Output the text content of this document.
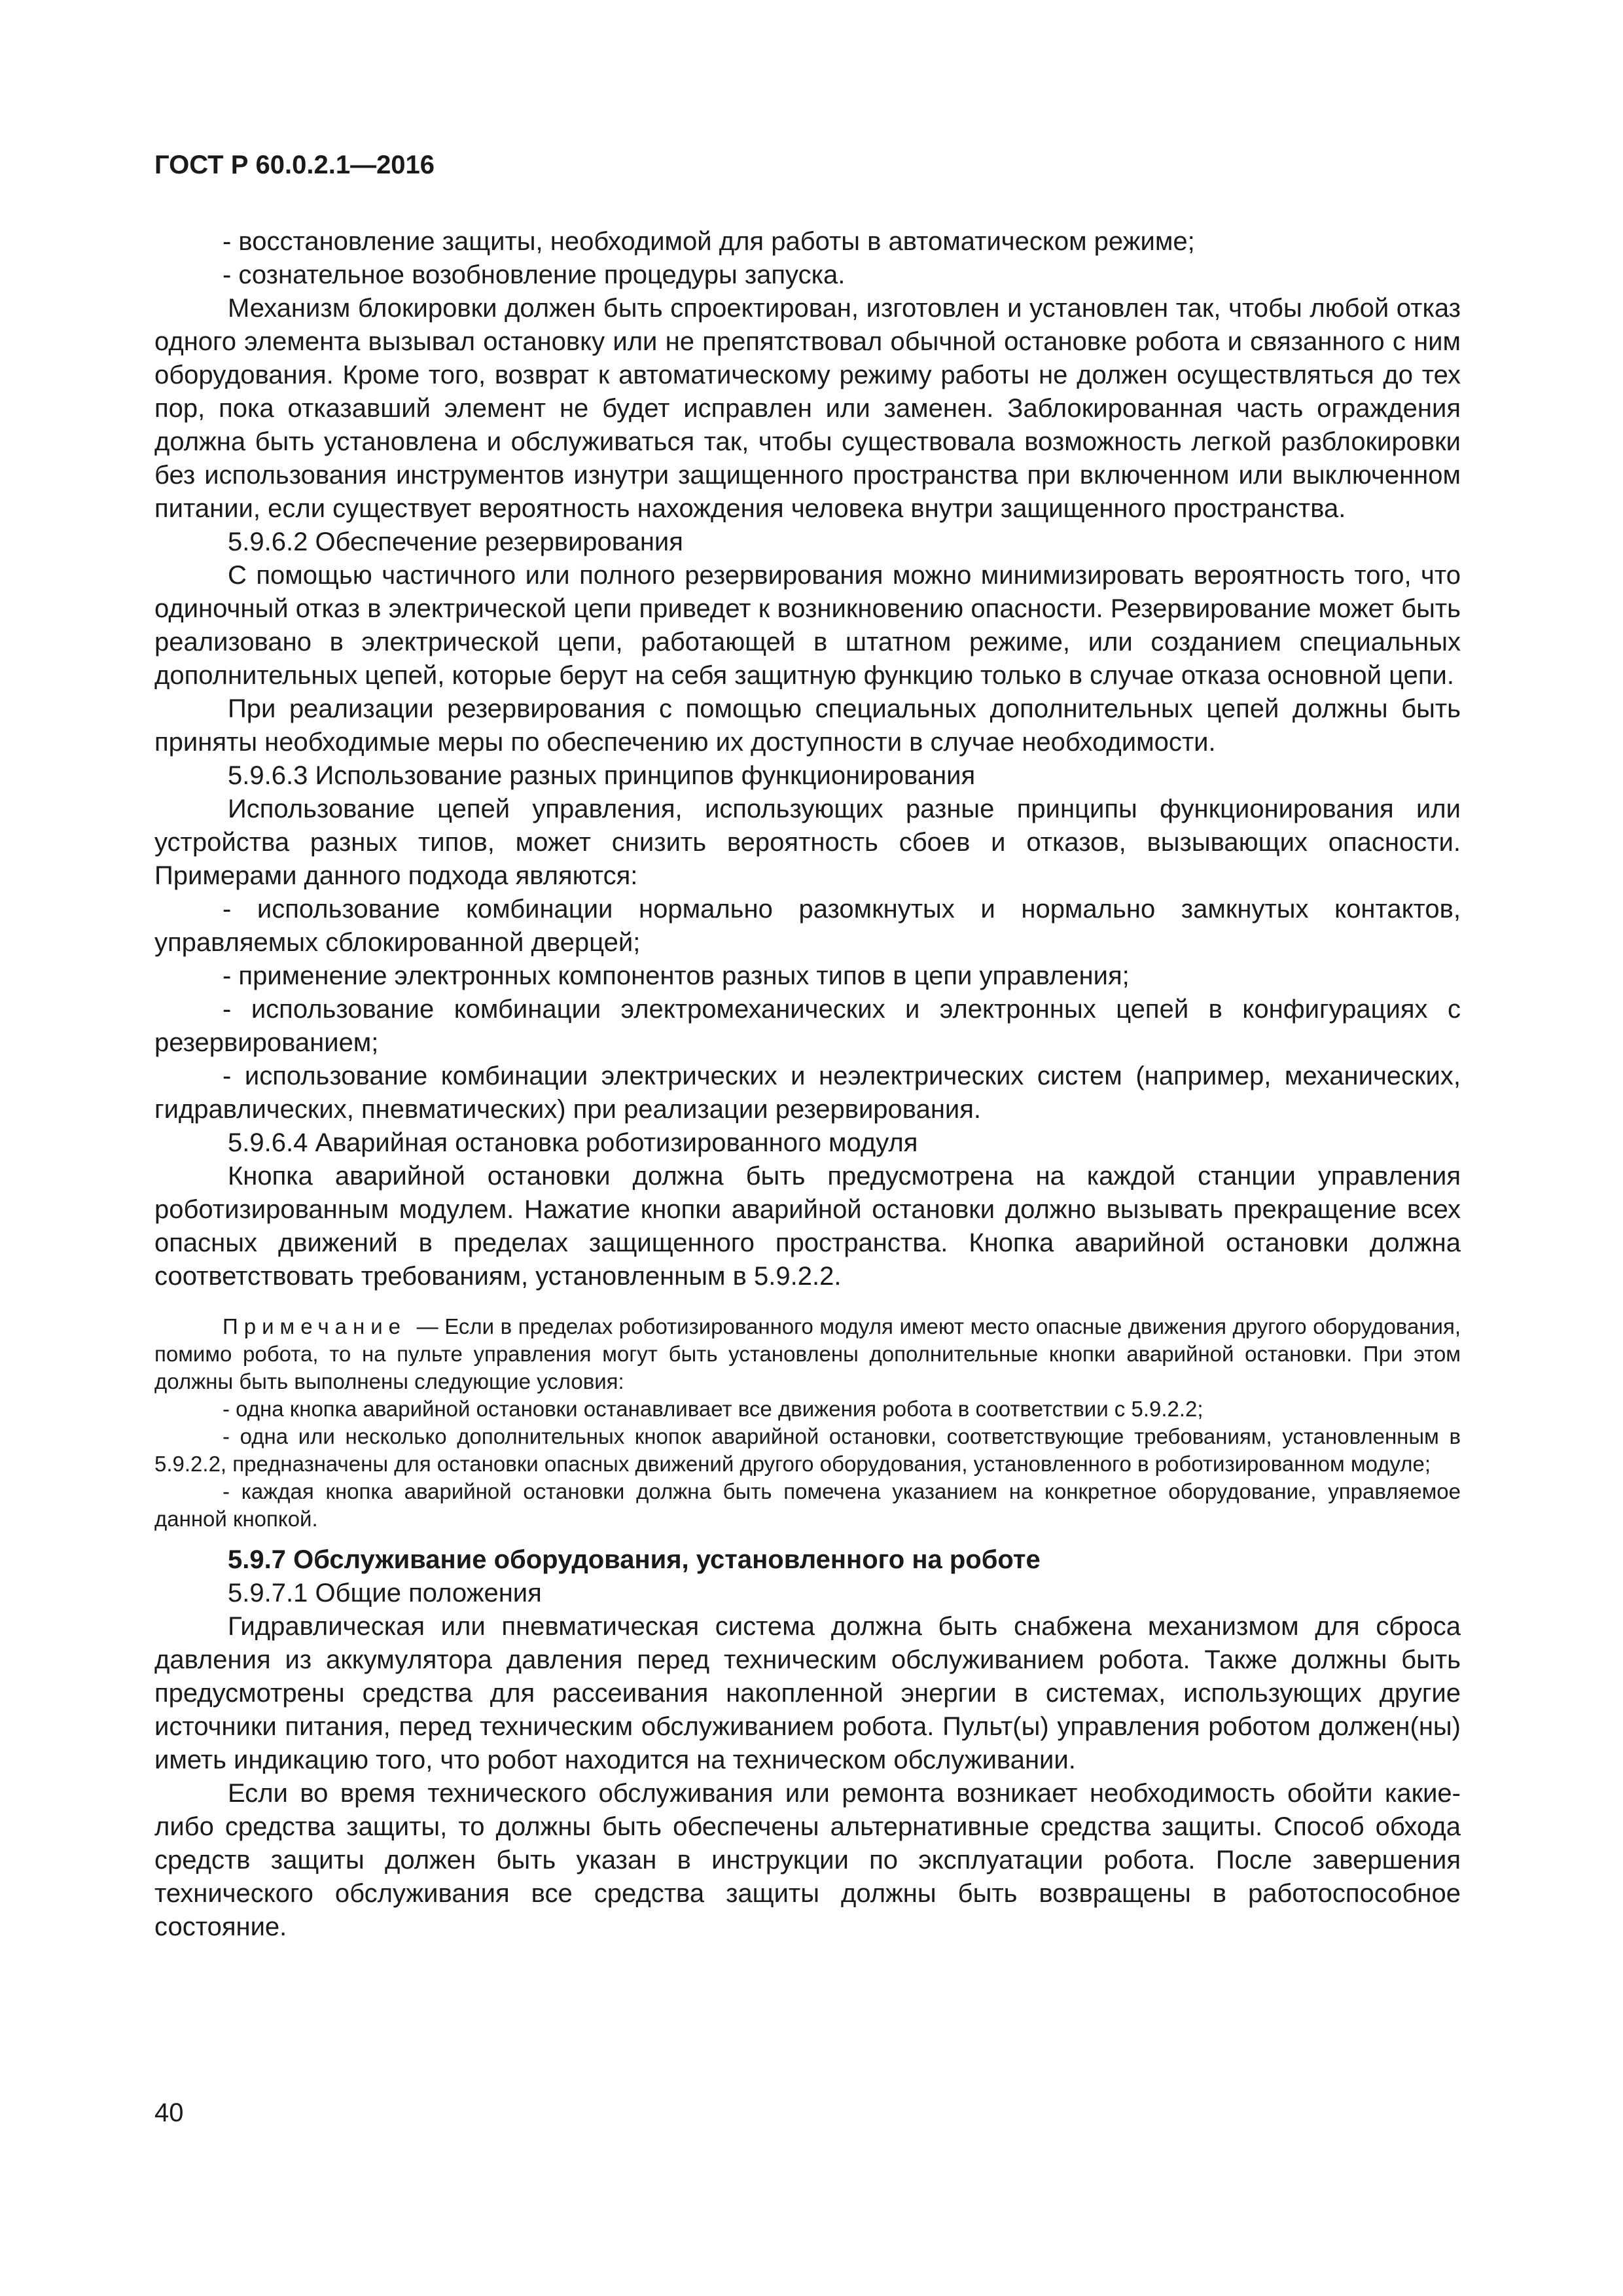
ГОСТ Р 60.0.2.1—2016

- восстановление защиты, необходимой для работы в автоматическом режиме;

- сознательное возобновление процедуры запуска.

Механизм блокировки должен быть спроектирован, изготовлен и установлен так, чтобы любой отказ одного элемента вызывал остановку или не препятствовал обычной остановке робота и связанного с ним оборудования. Кроме того, возврат к автоматическому режиму работы не должен осуществляться до тех пор, пока отказавший элемент не будет исправлен или заменен. Заблокированная часть ограждения должна быть установлена и обслуживаться так, чтобы существовала возможность легкой разблокировки без использования инструментов изнутри защищенного пространства при включенном или выключенном питании, если существует вероятность нахождения человека внутри защищенного пространства.

5.9.6.2 Обеспечение резервирования

С помощью частичного или полного резервирования можно минимизировать вероятность того, что одиночный отказ в электрической цепи приведет к возникновению опасности. Резервирование может быть реализовано в электрической цепи, работающей в штатном режиме, или созданием специальных дополнительных цепей, которые берут на себя защитную функцию только в случае отказа основной цепи.

При реализации резервирования с помощью специальных дополнительных цепей должны быть приняты необходимые меры по обеспечению их доступности в случае необходимости.

5.9.6.3 Использование разных принципов функционирования

Использование цепей управления, использующих разные принципы функционирования или устройства разных типов, может снизить вероятность сбоев и отказов, вызывающих опасности. Примерами данного подхода являются:

- использование комбинации нормально разомкнутых и нормально замкнутых контактов, управляемых сблокированной дверцей;

- применение электронных компонентов разных типов в цепи управления;

- использование комбинации электромеханических и электронных цепей в конфигурациях с резервированием;

- использование комбинации электрических и неэлектрических систем (например, механических, гидравлических, пневматических) при реализации резервирования.

5.9.6.4 Аварийная остановка роботизированного модуля

Кнопка аварийной остановки должна быть предусмотрена на каждой станции управления роботизированным модулем. Нажатие кнопки аварийной остановки должно вызывать прекращение всех опасных движений в пределах защищенного пространства. Кнопка аварийной остановки должна соответствовать требованиям, установленным в 5.9.2.2.

Примечание — Если в пределах роботизированного модуля имеют место опасные движения другого оборудования, помимо робота, то на пульте управления могут быть установлены дополнительные кнопки аварийной остановки. При этом должны быть выполнены следующие условия:

- одна кнопка аварийной остановки останавливает все движения робота в соответствии с 5.9.2.2;

- одна или несколько дополнительных кнопок аварийной остановки, соответствующие требованиям, установленным в 5.9.2.2, предназначены для остановки опасных движений другого оборудования, установленного в роботизированном модуле;

- каждая кнопка аварийной остановки должна быть помечена указанием на конкретное оборудование, управляемое данной кнопкой.

5.9.7 Обслуживание оборудования, установленного на роботе

5.9.7.1 Общие положения

Гидравлическая или пневматическая система должна быть снабжена механизмом для сброса давления из аккумулятора давления перед техническим обслуживанием робота. Также должны быть предусмотрены средства для рассеивания накопленной энергии в системах, использующих другие источники питания, перед техническим обслуживанием робота. Пульт(ы) управления роботом должен(ны) иметь индикацию того, что робот находится на техническом обслуживании.

Если во время технического обслуживания или ремонта возникает необходимость обойти какие-либо средства защиты, то должны быть обеспечены альтернативные средства защиты. Способ обхода средств защиты должен быть указан в инструкции по эксплуатации робота. После завершения технического обслуживания все средства защиты должны быть возвращены в работоспособное состояние.

40
